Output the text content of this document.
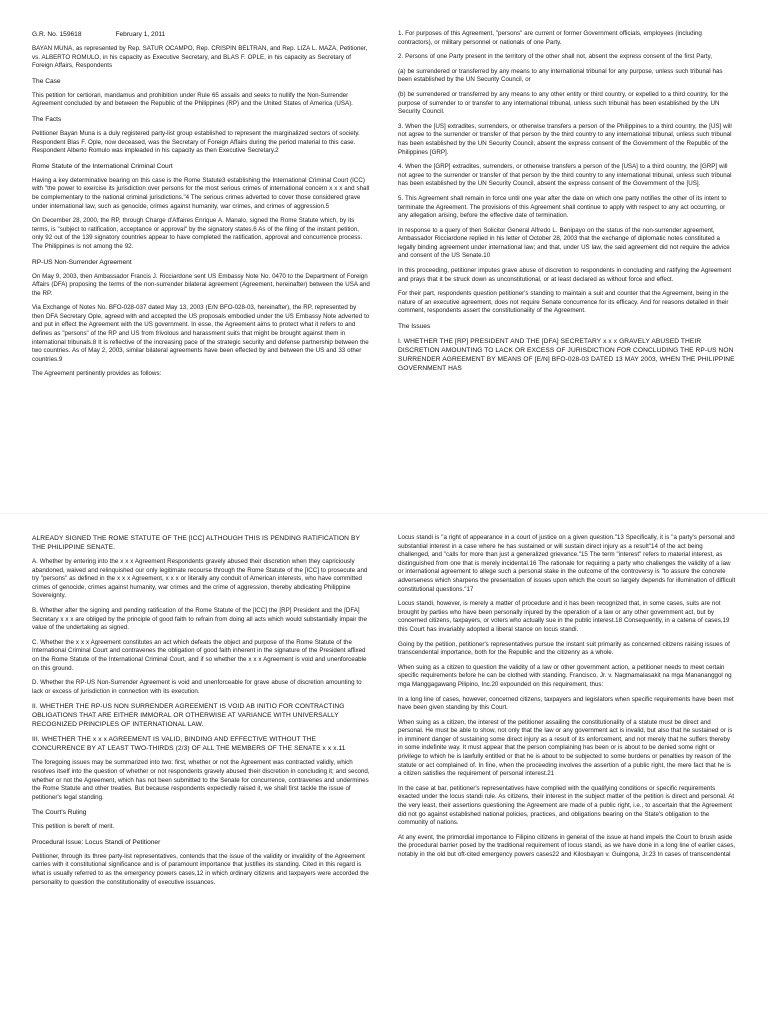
G.R. No. 159618	February 1, 2011
BAYAN MUNA, as represented by Rep. SATUR OCAMPO, Rep. CRISPIN BELTRAN, and Rep. LIZA L. MAZA, Petitioner, vs. ALBERTO ROMULO, in his capacity as Executive Secretary, and BLAS F. OPLE, in his capacity as Secretary of Foreign Affairs, Respondents
The Case
This petition for certiorari, mandamus and prohibition under Rule 65 assails and seeks to nullify the Non-Surrender Agreement concluded by and between the Republic of the Philippines (RP) and the United States of America (USA).
The Facts
Petitioner Bayan Muna is a duly registered party-list group established to represent the marginalized sectors of society. Respondent Blas F. Ople, now deceased, was the Secretary of Foreign Affairs during the period material to this case. Respondent Alberto Romulo was impleaded in his capacity as then Executive Secretary.2
Rome Statute of the International Criminal Court
Having a key determinative bearing on this case is the Rome Statute3 establishing the International Criminal Court (ICC) with "the power to exercise its jurisdiction over persons for the most serious crimes of international concern x x x and shall be complementary to the national criminal jurisdictions."4 The serious crimes adverted to cover those considered grave under international law, such as genocide, crimes against humanity, war crimes, and crimes of aggression.5
On December 28, 2000, the RP, through Charge d'Affaires Enrique A. Manalo, signed the Rome Statute which, by its terms, is "subject to ratification, acceptance or approval" by the signatory states.6 As of the filing of the instant petition, only 92 out of the 139 signatory countries appear to have completed the ratification, approval and concurrence process. The Philippines is not among the 92.
RP-US Non-Surrender Agreement
On May 9, 2003, then Ambassador Francis J. Ricciardone sent US Embassy Note No. 0470 to the Department of Foreign Affairs (DFA) proposing the terms of the non-surrender bilateral agreement (Agreement, hereinafter) between the USA and the RP.
Via Exchange of Notes No. BFO-028-037 dated May 13, 2003 (E/N BFO-028-03, hereinafter), the RP, represented by then DFA Secretary Ople, agreed with and accepted the US proposals embodied under the US Embassy Note adverted to and put in effect the Agreement with the US government. In esse, the Agreement aims to protect what it refers to and defines as "persons" of the RP and US from frivolous and harassment suits that might be brought against them in international tribunals.8 It is reflective of the increasing pace of the strategic security and defense partnership between the two countries. As of May 2, 2003, similar bilateral agreements have been effected by and between the US and 33 other countries.9
The Agreement pertinently provides as follows:
1. For purposes of this Agreement, "persons" are current or former Government officials, employees (including contractors), or military personnel or nationals of one Party.
2. Persons of one Party present in the territory of the other shall not, absent the express consent of the first Party,
(a) be surrendered or transferred by any means to any international tribunal for any purpose, unless such tribunal has been established by the UN Security Council, or
(b) be surrendered or transferred by any means to any other entity or third country, or expelled to a third country, for the purpose of surrender to or transfer to any international tribunal, unless such tribunal has been established by the UN Security Council.
3. When the [US] extradites, surrenders, or otherwise transfers a person of the Philippines to a third country, the [US] will not agree to the surrender or transfer of that person by the third country to any international tribunal, unless such tribunal has been established by the UN Security Council, absent the express consent of the Government of the Republic of the Philippines [GRP].
4. When the [GRP] extradites, surrenders, or otherwise transfers a person of the [USA] to a third country, the [GRP] will not agree to the surrender or transfer of that person by the third country to any international tribunal, unless such tribunal has been established by the UN Security Council, absent the express consent of the Government of the [US].
5. This Agreement shall remain in force until one year after the date on which one party notifies the other of its intent to terminate the Agreement. The provisions of this Agreement shall continue to apply with respect to any act occurring, or any allegation arising, before the effective date of termination.
In response to a query of then Solicitor General Alfredo L. Benipayo on the status of the non-surrender agreement, Ambassador Ricciardone replied in his letter of October 28, 2003 that the exchange of diplomatic notes constituted a legally binding agreement under international law; and that, under US law, the said agreement did not require the advice and consent of the US Senate.10
In this proceeding, petitioner imputes grave abuse of discretion to respondents in concluding and ratifying the Agreement and prays that it be struck down as unconstitutional, or at least declared as without force and effect.
For their part, respondents question petitioner's standing to maintain a suit and counter that the Agreement, being in the nature of an executive agreement, does not require Senate concurrence for its efficacy. And for reasons detailed in their comment, respondents assert the constitutionality of the Agreement.
The Issues
I. WHETHER THE [RP] PRESIDENT AND THE [DFA] SECRETARY x x x GRAVELY ABUSED THEIR DISCRETION AMOUNTING TO LACK OR EXCESS OF JURISDICTION FOR CONCLUDING THE RP-US NON SURRENDER AGREEMENT BY MEANS OF [E/N] BFO-028-03 DATED 13 MAY 2003, WHEN THE PHILIPPINE GOVERNMENT HAS
ALREADY SIGNED THE ROME STATUTE OF THE [ICC] ALTHOUGH THIS IS PENDING RATIFICATION BY THE PHILIPPINE SENATE.
A. Whether by entering into the x x x Agreement Respondents gravely abused their discretion when they capriciously abandoned, waived and relinquished our only legitimate recourse through the Rome Statute of the [ICC] to prosecute and try "persons" as defined in the x x x Agreement, x x x or literally any conduit of American interests, who have committed crimes of genocide, crimes against humanity, war crimes and the crime of aggression, thereby abdicating Philippine Sovereignty.
B. Whether after the signing and pending ratification of the Rome Statute of the [ICC] the [RP] President and the [DFA] Secretary x x x are obliged by the principle of good faith to refrain from doing all acts which would substantially impair the value of the undertaking as signed.
C. Whether the x x x Agreement constitutes an act which defeats the object and purpose of the Rome Statute of the International Criminal Court and contravenes the obligation of good faith inherent in the signature of the President affixed on the Rome Statute of the International Criminal Court, and if so whether the x x x Agreement is void and unenforceable on this ground.
D. Whether the RP-US Non-Surrender Agreement is void and unenforceable for grave abuse of discretion amounting to lack or excess of jurisdiction in connection with its execution.
II. WHETHER THE RP-US NON SURRENDER AGREEMENT IS VOID AB INITIO FOR CONTRACTING OBLIGATIONS THAT ARE EITHER IMMORAL OR OTHERWISE AT VARIANCE WITH UNIVERSALLY RECOGNIZED PRINCIPLES OF INTERNATIONAL LAW.
III. WHETHER THE x x x AGREEMENT IS VALID, BINDING AND EFFECTIVE WITHOUT THE CONCURRENCE BY AT LEAST TWO-THIRDS (2/3) OF ALL THE MEMBERS OF THE SENATE x x x.11
The foregoing issues may be summarized into two: first, whether or not the Agreement was contracted validly, which resolves itself into the question of whether or not respondents gravely abused their discretion in concluding it; and second, whether or not the Agreement, which has not been submitted to the Senate for concurrence, contravenes and undermines the Rome Statute and other treaties. But because respondents expectedly raised it, we shall first tackle the issue of petitioner's legal standing.
The Court's Ruling
This petition is bereft of merit.
Procedural Issue: Locus Standi of Petitioner
Petitioner, through its three party-list representatives, contends that the issue of the validity or invalidity of the Agreement carries with it constitutional significance and is of paramount importance that justifies its standing. Cited in this regard is what is usually referred to as the emergency powers cases,12 in which ordinary citizens and taxpayers were accorded the personality to question the constitutionality of executive issuances.
Locus standi is "a right of appearance in a court of justice on a given question."13 Specifically, it is "a party's personal and substantial interest in a case where he has sustained or will sustain direct injury as a result"14 of the act being challenged, and "calls for more than just a generalized grievance."15 The term "interest" refers to material interest, as distinguished from one that is merely incidental.16 The rationale for requiring a party who challenges the validity of a law or international agreement to allege such a personal stake in the outcome of the controversy is "to assure the concrete adverseness which sharpens the presentation of issues upon which the court so largely depends for illumination of difficult constitutional questions."17
Locus standi, however, is merely a matter of procedure and it has been recognized that, in some cases, suits are not brought by parties who have been personally injured by the operation of a law or any other government act, but by concerned citizens, taxpayers, or voters who actually sue in the public interest.18 Consequently, in a catena of cases,19 this Court has invariably adopted a liberal stance on locus standi.
Going by the petition, petitioner's representatives pursue the instant suit primarily as concerned citizens raising issues of transcendental importance, both for the Republic and the citizenry as a whole.
When suing as a citizen to question the validity of a law or other government action, a petitioner needs to meet certain specific requirements before he can be clothed with standing. Francisco, Jr. v. Nagmamalasakit na mga Manananggol ng mga Manggagawang Pilipino, Inc.20 expounded on this requirement, thus:
In a long line of cases, however, concerned citizens, taxpayers and legislators when specific requirements have been met have been given standing by this Court.
When suing as a citizen, the interest of the petitioner assailing the constitutionality of a statute must be direct and personal. He must be able to show, not only that the law or any government act is invalid, but also that he sustained or is in imminent danger of sustaining some direct injury as a result of its enforcement, and not merely that he suffers thereby in some indefinite way. It must appear that the person complaining has been or is about to be denied some right or privilege to which he is lawfully entitled or that he is about to be subjected to some burdens or penalties by reason of the statute or act complained of. In fine, when the proceeding involves the assertion of a public right, the mere fact that he is a citizen satisfies the requirement of personal interest.21
In the case at bar, petitioner's representatives have complied with the qualifying conditions or specific requirements exacted under the locus standi rule. As citizens, their interest in the subject matter of the petition is direct and personal. At the very least, their assertions questioning the Agreement are made of a public right, i.e., to ascertain that the Agreement did not go against established national policies, practices, and obligations bearing on the State's obligation to the community of nations.
At any event, the primordial importance to Filipino citizens in general of the issue at hand impels the Court to brush aside the procedural barrier posed by the traditional requirement of locus standi, as we have done in a long line of earlier cases, notably in the old but oft-cited emergency powers cases22 and Kilosbayan v. Guingona, Jr.23 In cases of transcendental
